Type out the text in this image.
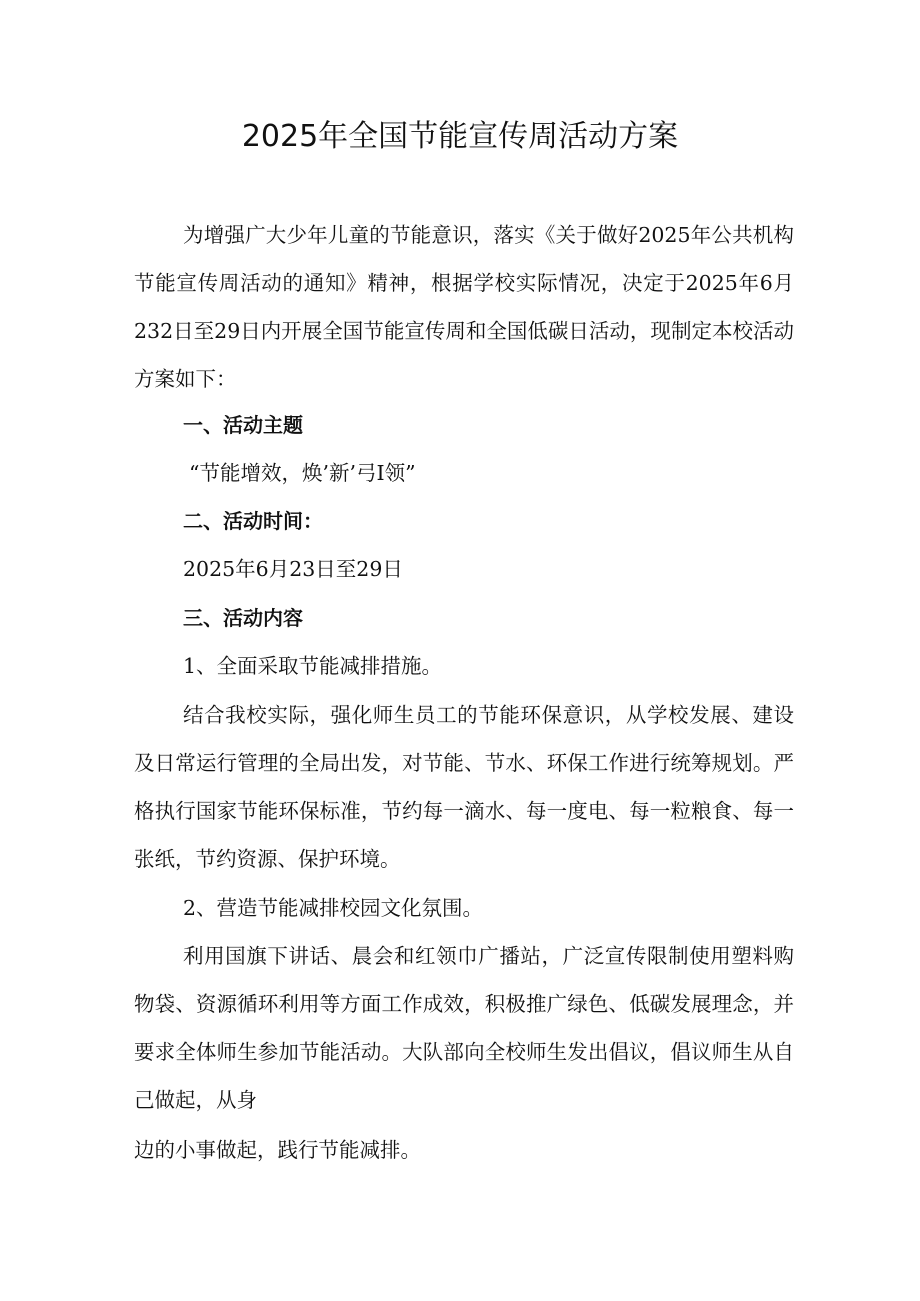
2025年全国节能宣传周活动方案

为增强广大少年儿童的节能意识，落实《关于做好2025年公共机构节能宣传周活动的通知》精神，根据学校实际情况，决定于2025年6月232日至29日内开展全国节能宣传周和全国低碳日活动，现制定本校活动方案如下：

一、活动主题

“节能增效，焕’新’弓I领”

二、活动时间：

2025年6月23日至29日

三、活动内容

1、全面采取节能减排措施。

结合我校实际，强化师生员工的节能环保意识，从学校发展、建设及日常运行管理的全局出发，对节能、节水、环保工作进行统筹规划。严格执行国家节能环保标准，节约每一滴水、每一度电、每一粒粮食、每一张纸，节约资源、保护环境。

2、营造节能减排校园文化氛围。

利用国旗下讲话、晨会和红领巾广播站，广泛宣传限制使用塑料购物袋、资源循环利用等方面工作成效，积极推广绿色、低碳发展理念，并要求全体师生参加节能活动。大队部向全校师生发出倡议，倡议师生从自己做起，从身

边的小事做起，践行节能减排。
